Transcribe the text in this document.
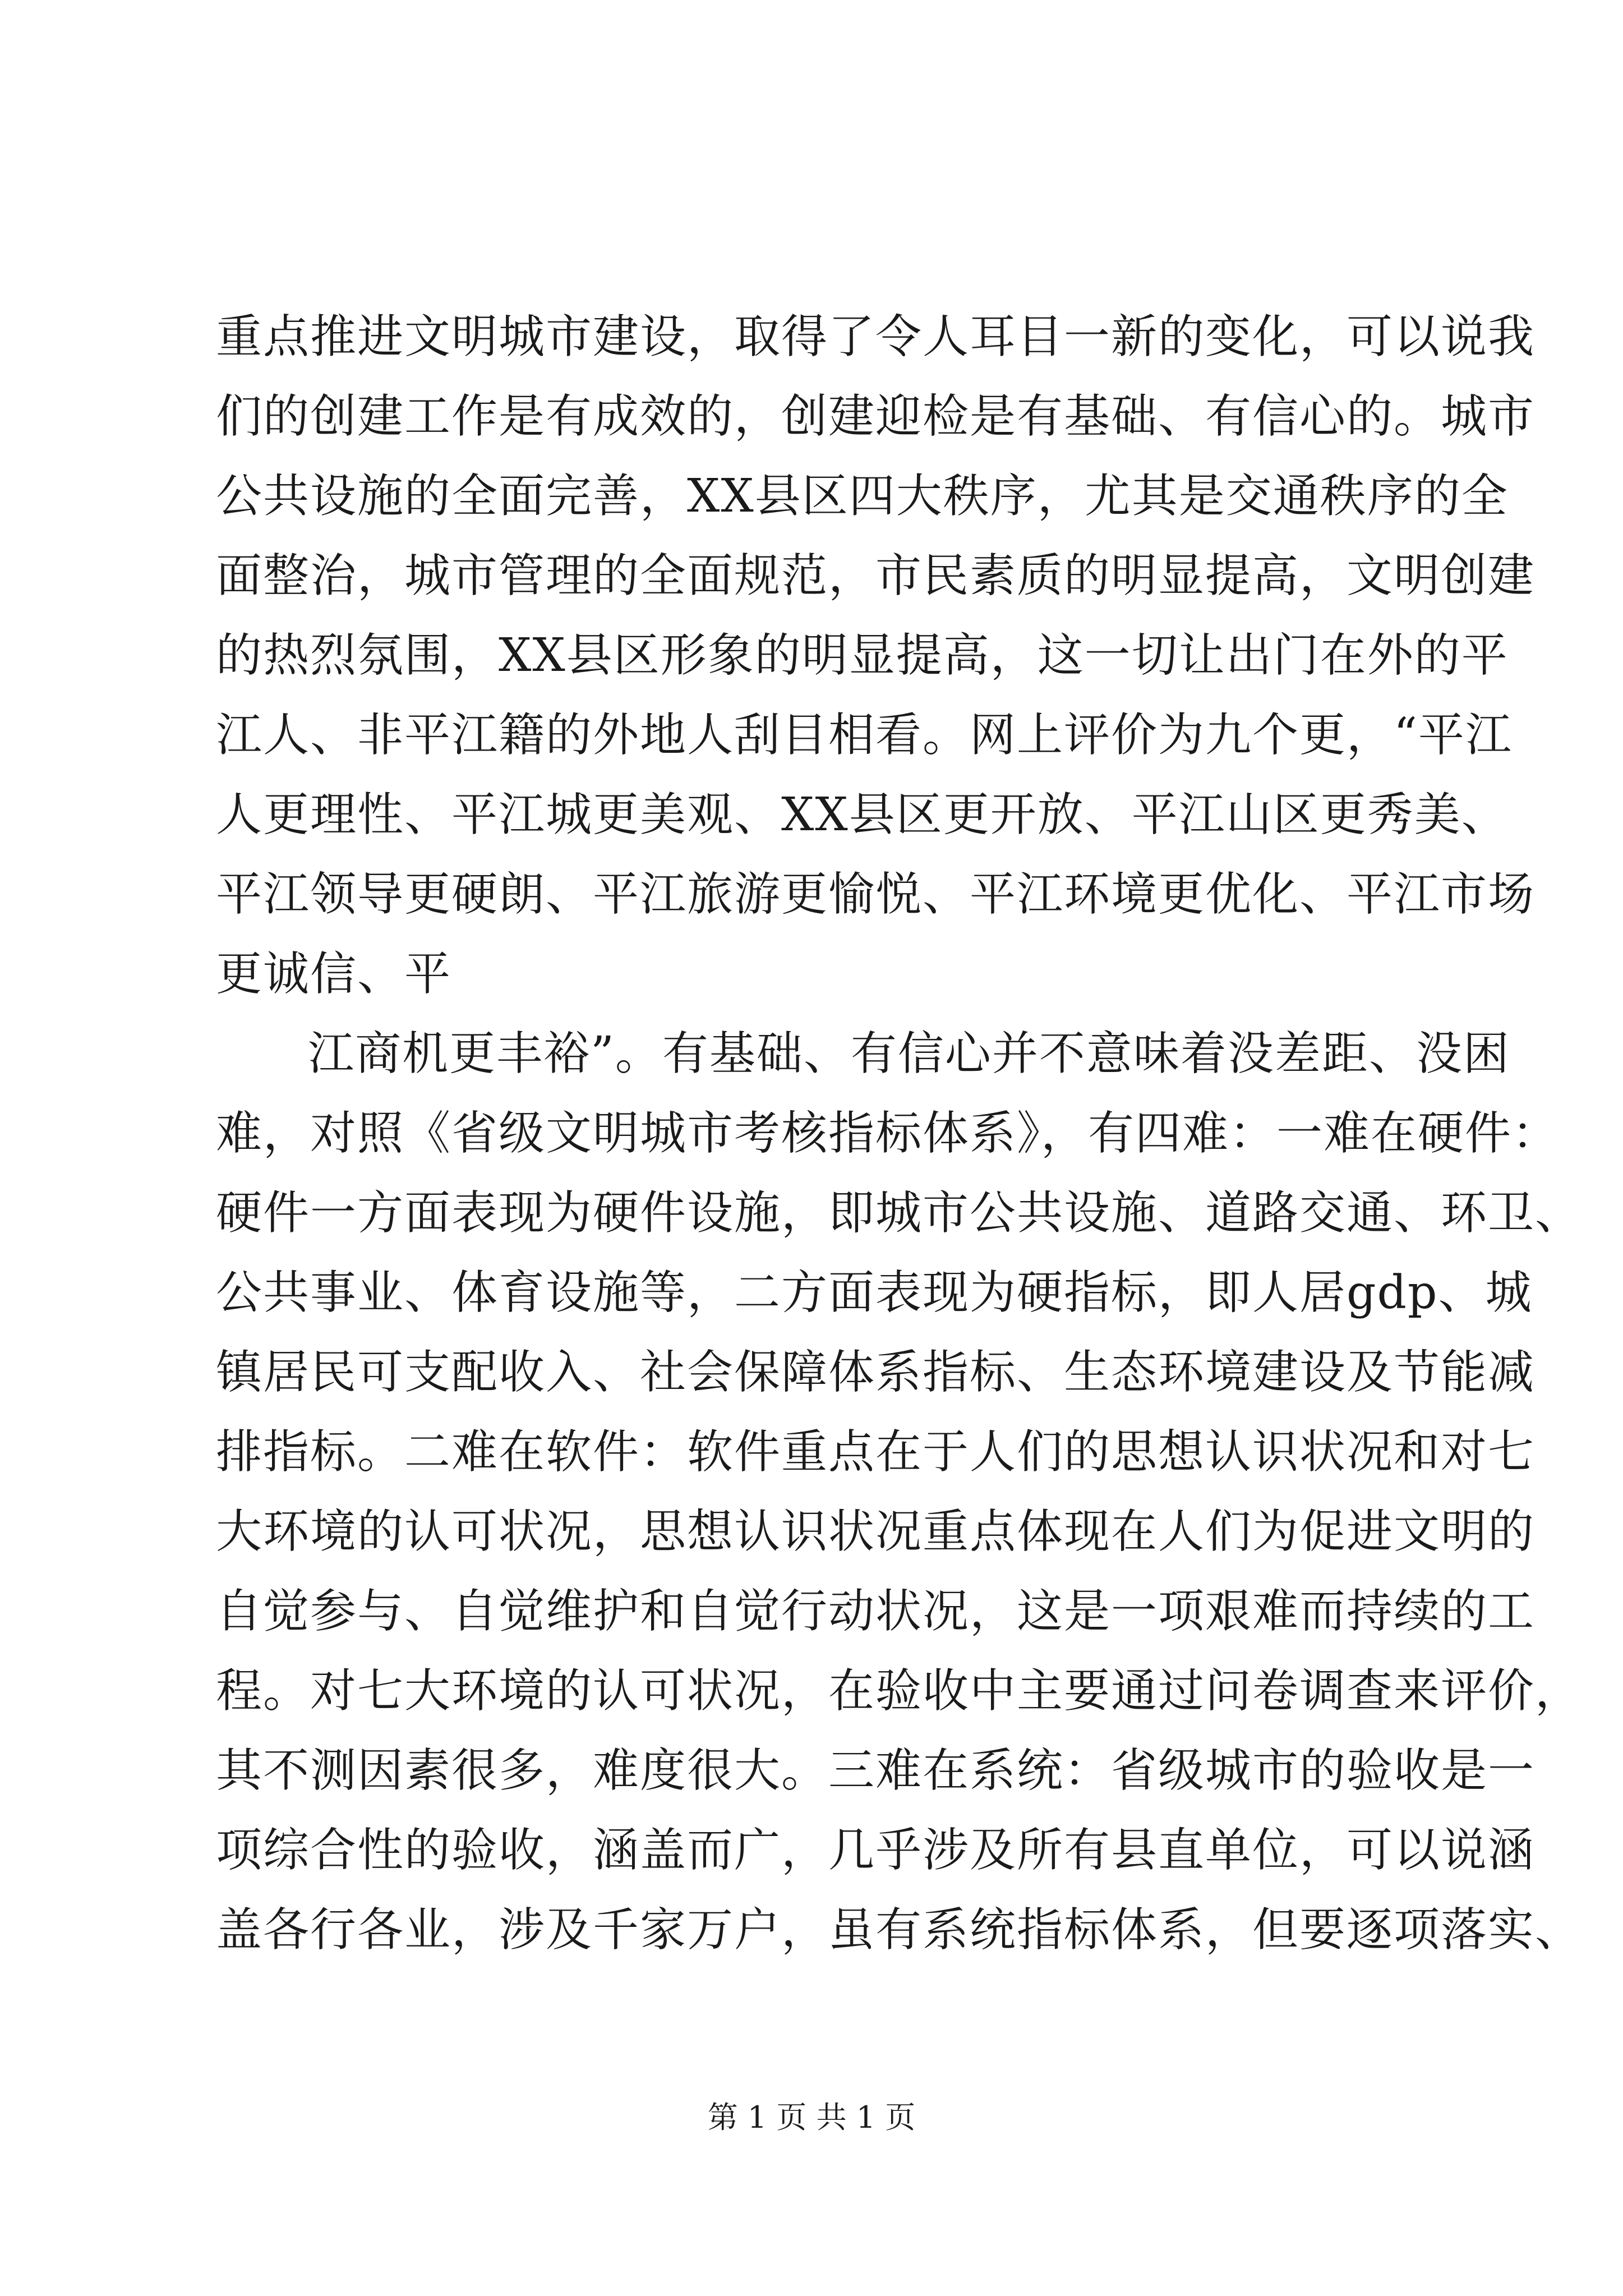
重点推进文明城市建设，取得了令人耳目一新的变化，可以说我
们的创建工作是有成效的，创建迎检是有基础、有信心的。城市
公共设施的全面完善，XX县区四大秩序，尤其是交通秩序的全
面整治，城市管理的全面规范，市民素质的明显提高，文明创建
的热烈氛围，XX县区形象的明显提高，这一切让出门在外的平
江人、非平江籍的外地人刮目相看。网上评价为九个更，“平江
人更理性、平江城更美观、XX县区更开放、平江山区更秀美、
平江领导更硬朗、平江旅游更愉悦、平江环境更优化、平江市场
更诚信、平
江商机更丰裕”。有基础、有信心并不意味着没差距、没困
难，对照《省级文明城市考核指标体系》，有四难：一难在硬件：
硬件一方面表现为硬件设施，即城市公共设施、道路交通、环卫、
公共事业、体育设施等，二方面表现为硬指标，即人居gdp、城
镇居民可支配收入、社会保障体系指标、生态环境建设及节能减
排指标。二难在软件：软件重点在于人们的思想认识状况和对七
大环境的认可状况，思想认识状况重点体现在人们为促进文明的
自觉参与、自觉维护和自觉行动状况，这是一项艰难而持续的工
程。对七大环境的认可状况，在验收中主要通过问卷调查来评价，
其不测因素很多，难度很大。三难在系统：省级城市的验收是一
项综合性的验收，涵盖而广，几乎涉及所有县直单位，可以说涵
盖各行各业，涉及千家万户，虽有系统指标体系，但要逐项落实、
第 1 页 共 1 页
